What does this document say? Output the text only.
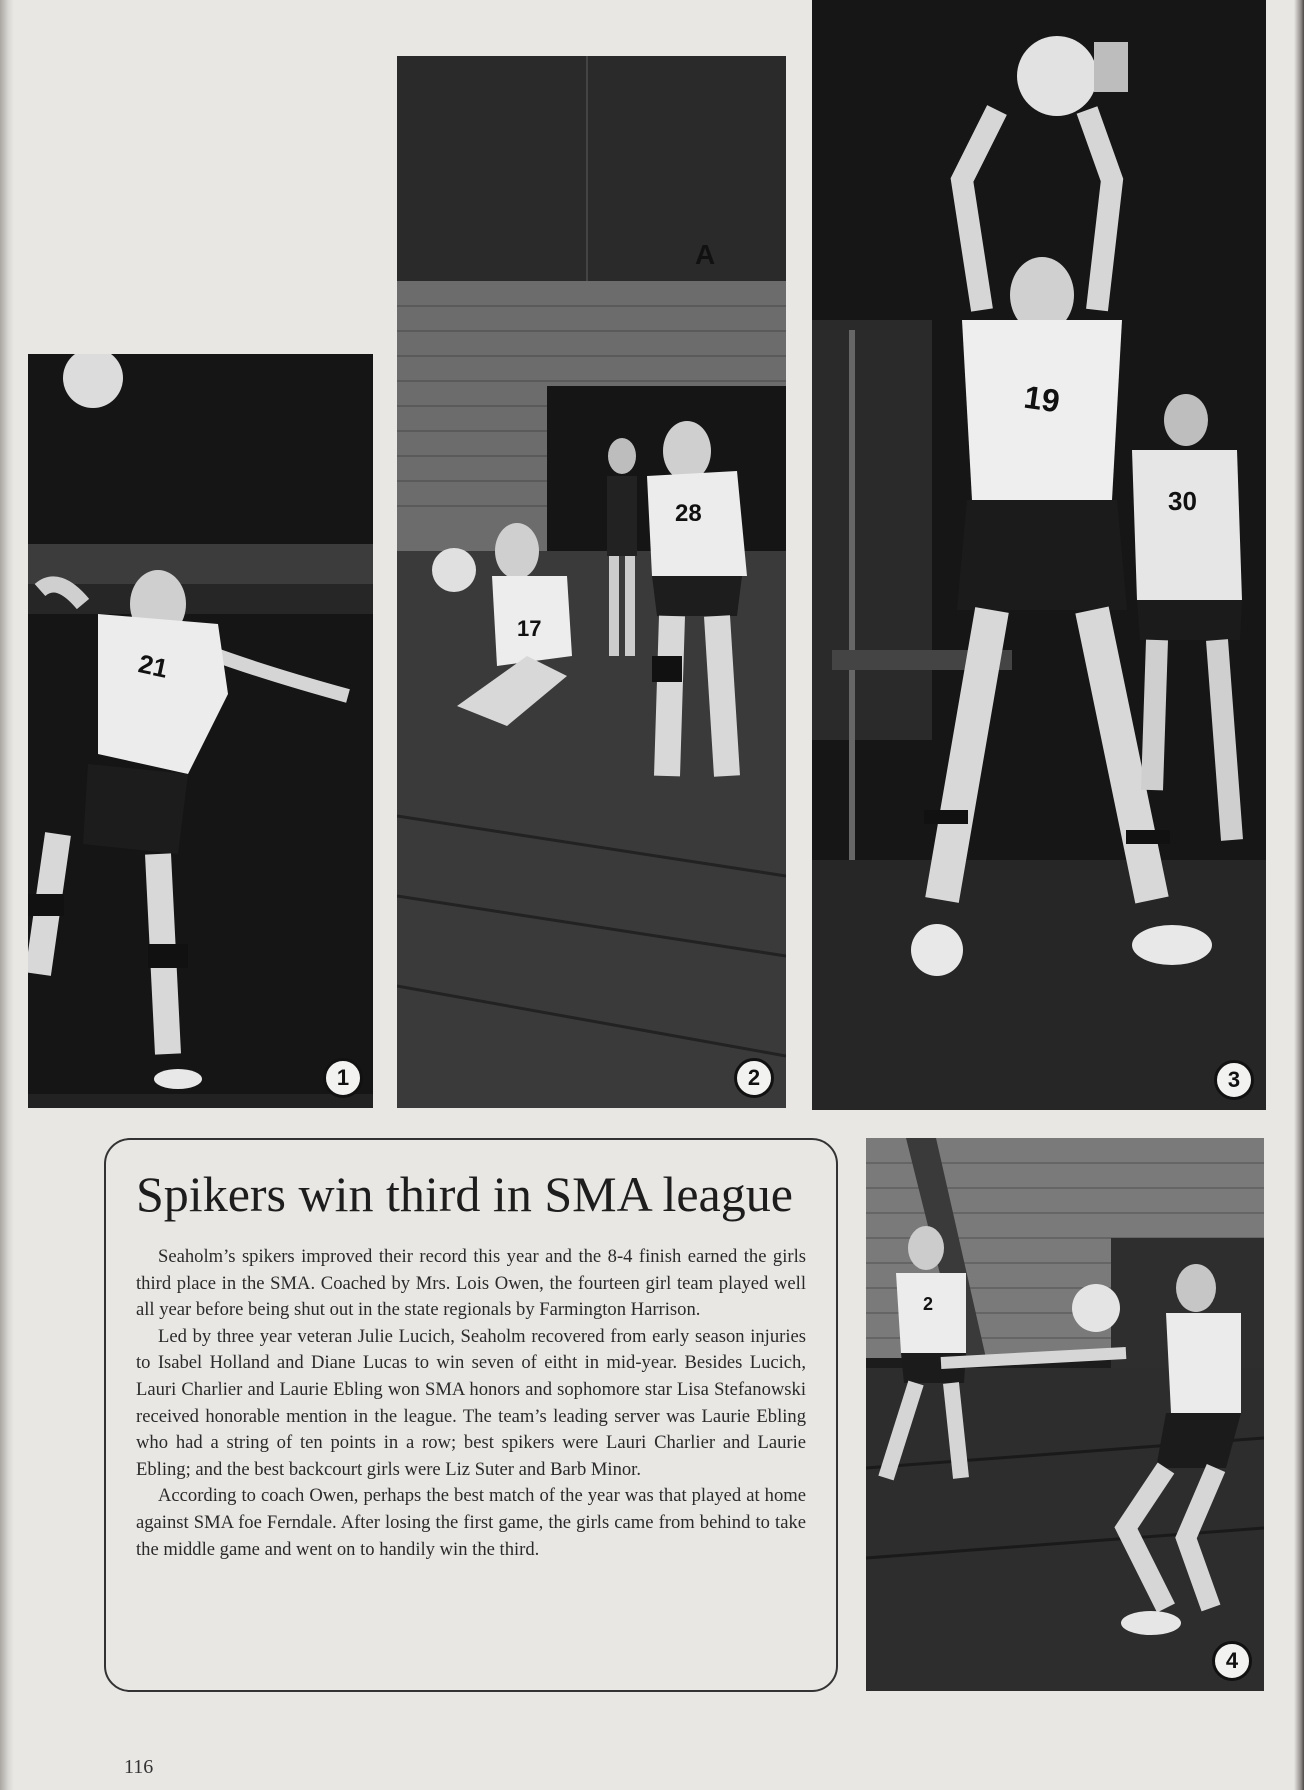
21
1
A
17
28
2
19
30
3
2
4
Spikers win third in SMA league

Seaholm’s spikers improved their record this year and the 8-4 finish earned the girls third place in the SMA. Coached by Mrs. Lois Owen, the fourteen girl team played well all year before being shut out in the state regionals by Farmington Harrison.

Led by three year veteran Julie Lucich, Seaholm recovered from early season injuries to Isabel Holland and Diane Lucas to win seven of eitht in mid-year. Besides Lucich, Lauri Charlier and Laurie Ebling won SMA honors and sophomore star Lisa Stefanowski received honorable mention in the league. The team’s leading server was Laurie Ebling who had a string of ten points in a row; best spikers were Lauri Charlier and Laurie Ebling; and the best backcourt girls were Liz Suter and Barb Minor.

According to coach Owen, perhaps the best match of the year was that played at home against SMA foe Ferndale. After losing the first game, the girls came from behind to take the middle game and went on to handily win the third.

116
